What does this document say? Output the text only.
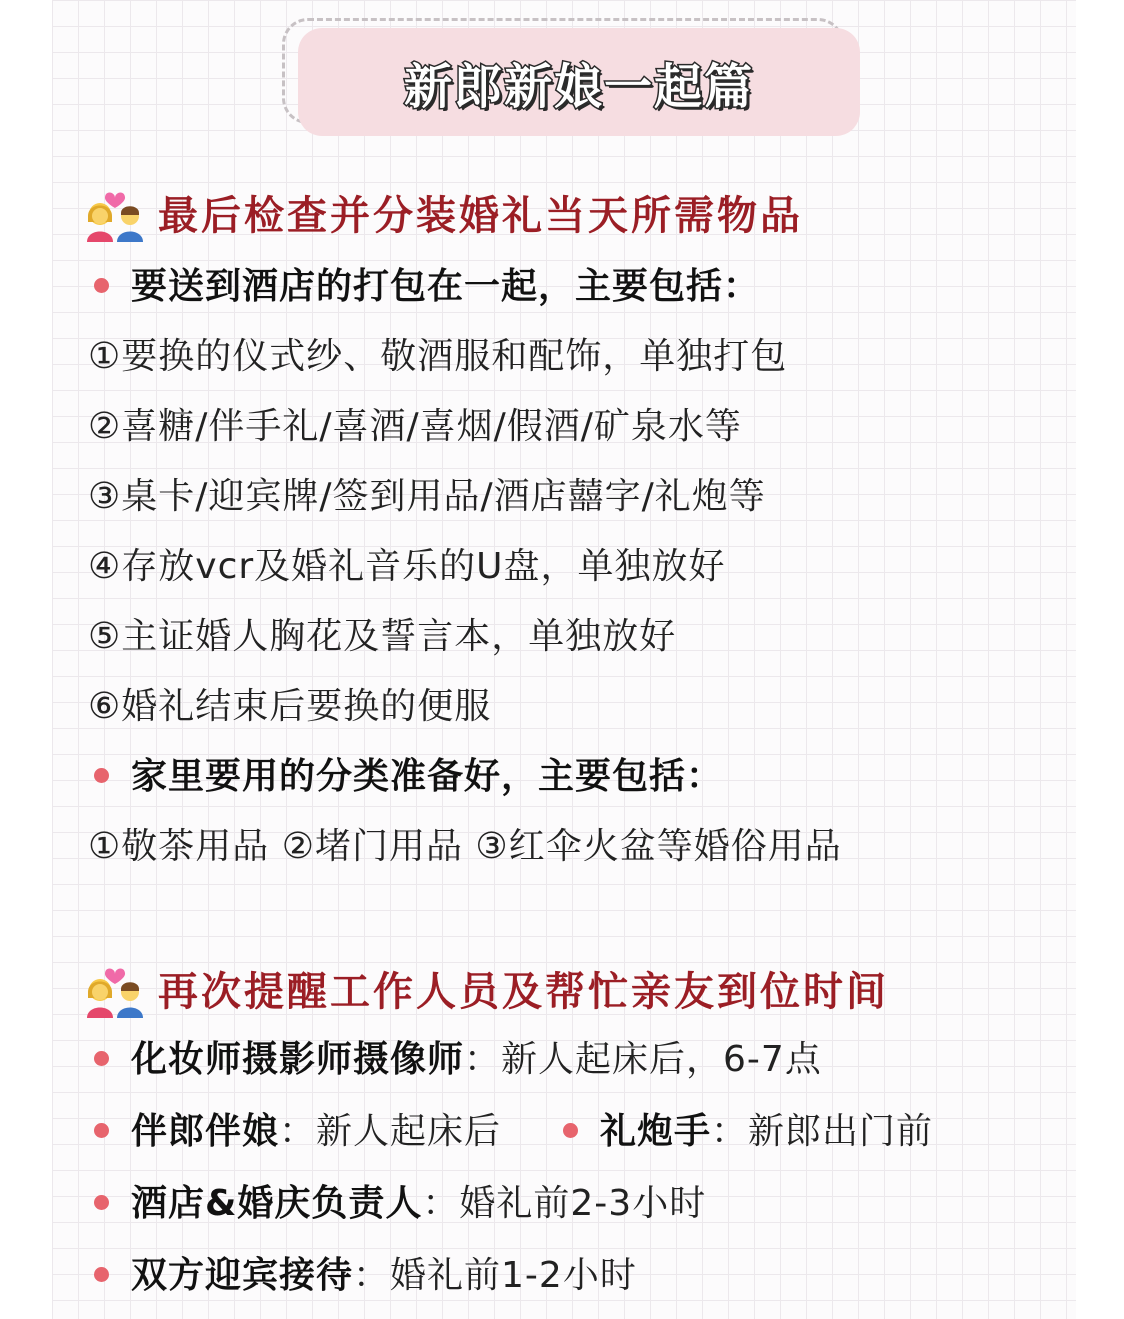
新郎新娘一起篇
最后检查并分装婚礼当天所需物品
要送到酒店的打包在一起，主要包括：
①要换的仪式纱、敬酒服和配饰，单独打包
②喜糖/伴手礼/喜酒/喜烟/假酒/矿泉水等
③桌卡/迎宾牌/签到用品/酒店囍字/礼炮等
④存放vcr及婚礼音乐的U盘，单独放好
⑤主证婚人胸花及誓言本，单独放好
⑥婚礼结束后要换的便服
家里要用的分类准备好，主要包括：
①敬茶用品 ②堵门用品 ③红伞火盆等婚俗用品
再次提醒工作人员及帮忙亲友到位时间
化妆师摄影师摄像师：新人起床后，6-7点
伴郎伴娘：新人起床后	礼炮手：新郎出门前
酒店&婚庆负责人：婚礼前2-3小时
双方迎宾接待：婚礼前1-2小时
